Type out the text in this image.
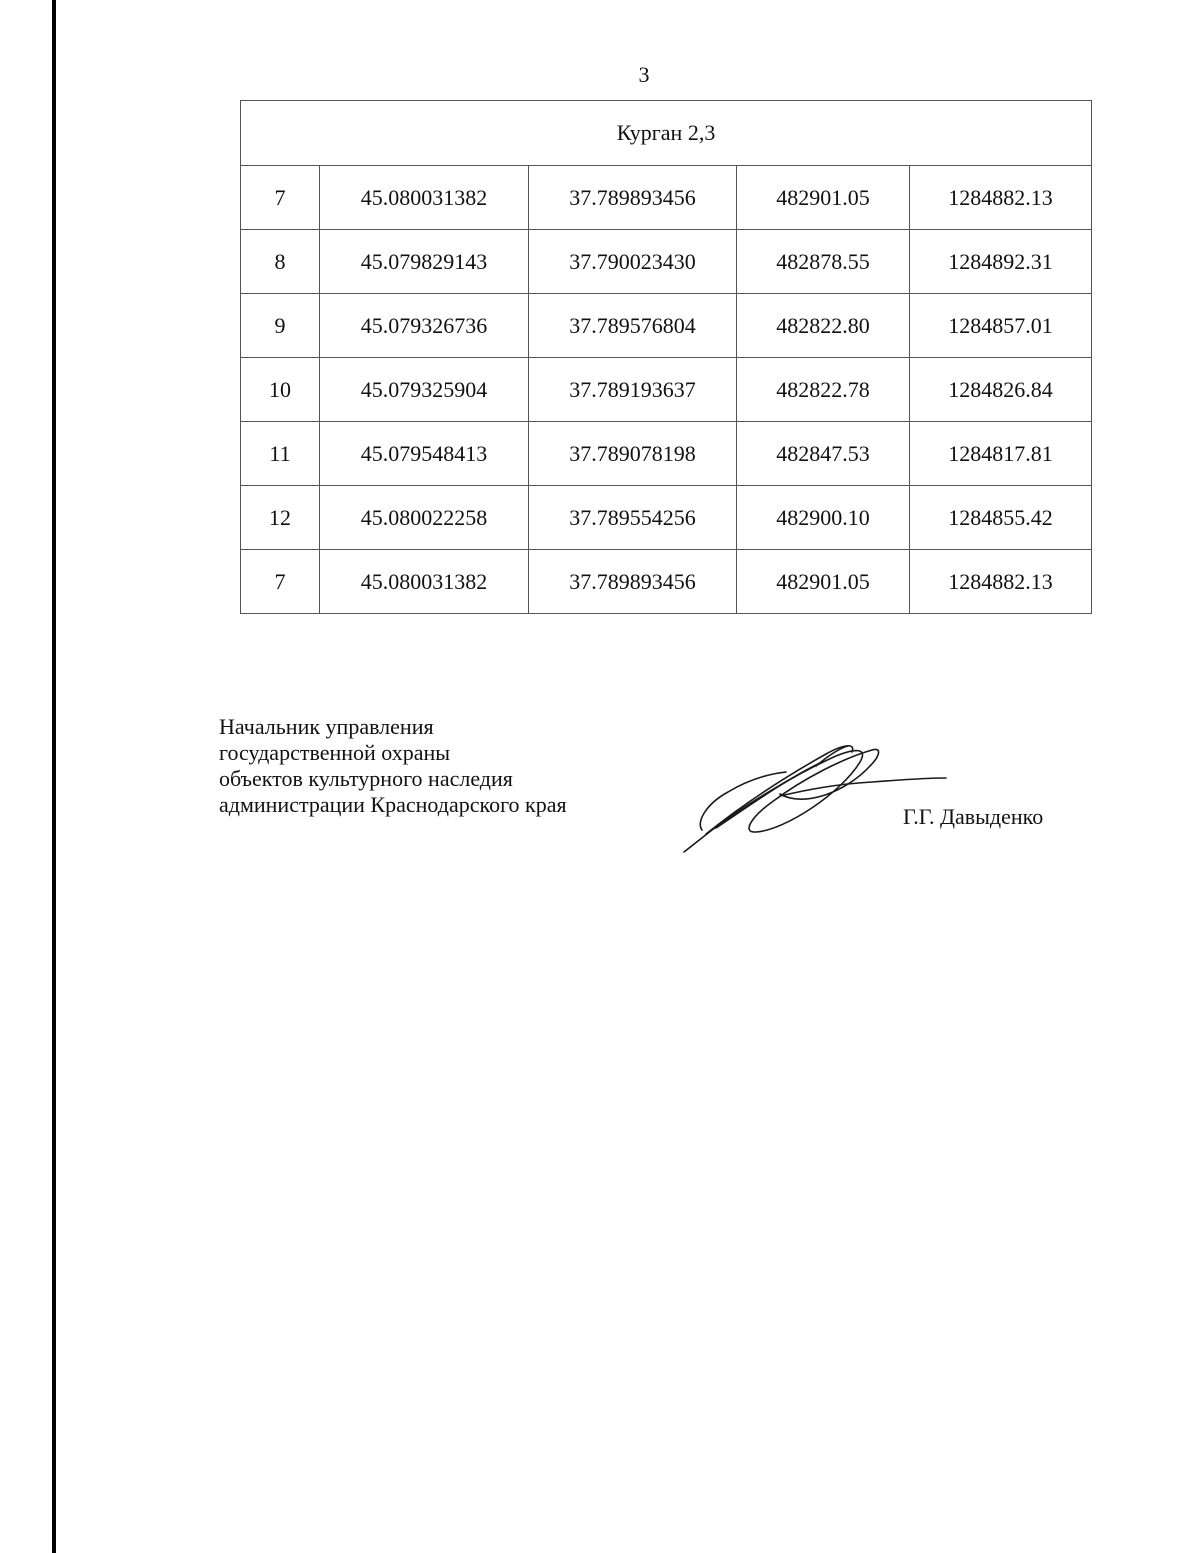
3
Курган 2,3				
7	45.080031382	37.789893456	482901.05	1284882.13
8	45.079829143	37.790023430	482878.55	1284892.31
9	45.079326736	37.789576804	482822.80	1284857.01
10	45.079325904	37.789193637	482822.78	1284826.84
11	45.079548413	37.789078198	482847.53	1284817.81
12	45.080022258	37.789554256	482900.10	1284855.42
7	45.080031382	37.789893456	482901.05	1284882.13
Начальник управления
государственной охраны
объектов культурного наследия
администрации Краснодарского края	Г.Г. Давыденко
